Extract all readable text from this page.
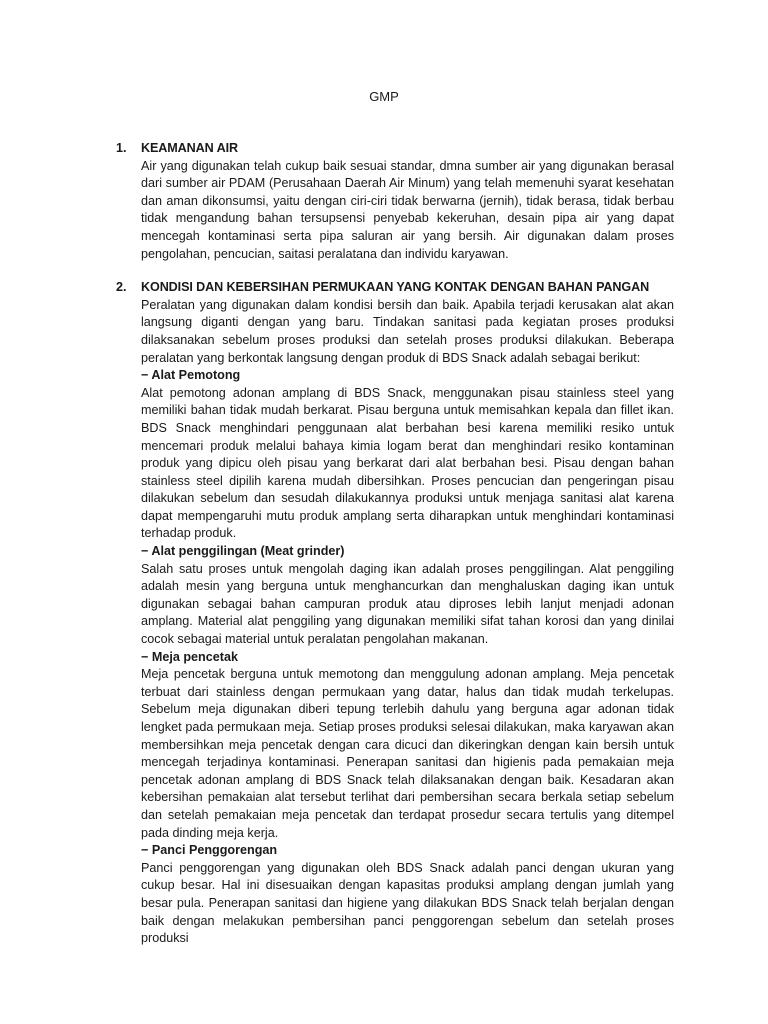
GMP
1. KEAMANAN AIR

Air yang digunakan telah cukup baik sesuai standar, dmna sumber air yang digunakan berasal dari sumber air PDAM (Perusahaan Daerah Air Minum) yang telah memenuhi syarat kesehatan dan aman dikonsumsi, yaitu dengan ciri-ciri tidak berwarna (jernih), tidak berasa, tidak berbau tidak mengandung bahan tersupsensi penyebab kekeruhan, desain pipa air yang dapat mencegah kontaminasi serta pipa saluran air yang bersih. Air digunakan dalam proses pengolahan, pencucian, saitasi peralatana dan individu karyawan.

2. KONDISI DAN KEBERSIHAN PERMUKAAN YANG KONTAK DENGAN BAHAN PANGAN

Peralatan yang digunakan dalam kondisi bersih dan baik. Apabila terjadi kerusakan alat akan langsung diganti dengan yang baru. Tindakan sanitasi pada kegiatan proses produksi dilaksanakan sebelum proses produksi dan setelah proses produksi dilakukan. Beberapa peralatan yang berkontak langsung dengan produk di BDS Snack adalah sebagai berikut:

− Alat Pemotong

Alat pemotong adonan amplang di BDS Snack, menggunakan pisau stainless steel yang memiliki bahan tidak mudah berkarat. Pisau berguna untuk memisahkan kepala dan fillet ikan. BDS Snack menghindari penggunaan alat berbahan besi karena memiliki resiko untuk mencemari produk melalui bahaya kimia logam berat dan menghindari resiko kontaminan produk yang dipicu oleh pisau yang berkarat dari alat berbahan besi. Pisau dengan bahan stainless steel dipilih karena mudah dibersihkan. Proses pencucian dan pengeringan pisau dilakukan sebelum dan sesudah dilakukannya produksi untuk menjaga sanitasi alat karena dapat mempengaruhi mutu produk amplang serta diharapkan untuk menghindari kontaminasi terhadap produk.

− Alat penggilingan (Meat grinder)

Salah satu proses untuk mengolah daging ikan adalah proses penggilingan. Alat penggiling adalah mesin yang berguna untuk menghancurkan dan menghaluskan daging ikan untuk digunakan sebagai bahan campuran produk atau diproses lebih lanjut menjadi adonan amplang. Material alat penggiling yang digunakan memiliki sifat tahan korosi dan yang dinilai cocok sebagai material untuk peralatan pengolahan makanan.

− Meja pencetak

Meja pencetak berguna untuk memotong dan menggulung adonan amplang. Meja pencetak terbuat dari stainless dengan permukaan yang datar, halus dan tidak mudah terkelupas. Sebelum meja digunakan diberi tepung terlebih dahulu yang berguna agar adonan tidak lengket pada permukaan meja. Setiap proses produksi selesai dilakukan, maka karyawan akan membersihkan meja pencetak dengan cara dicuci dan dikeringkan dengan kain bersih untuk mencegah terjadinya kontaminasi. Penerapan sanitasi dan higienis pada pemakaian meja pencetak adonan amplang di BDS Snack telah dilaksanakan dengan baik. Kesadaran akan kebersihan pemakaian alat tersebut terlihat dari pembersihan secara berkala setiap sebelum dan setelah pemakaian meja pencetak dan terdapat prosedur secara tertulis yang ditempel pada dinding meja kerja.

− Panci Penggorengan

Panci penggorengan yang digunakan oleh BDS Snack adalah panci dengan ukuran yang cukup besar. Hal ini disesuaikan dengan kapasitas produksi amplang dengan jumlah yang besar pula. Penerapan sanitasi dan higiene yang dilakukan BDS Snack telah berjalan dengan baik dengan melakukan pembersihan panci penggorengan sebelum dan setelah proses produksi
